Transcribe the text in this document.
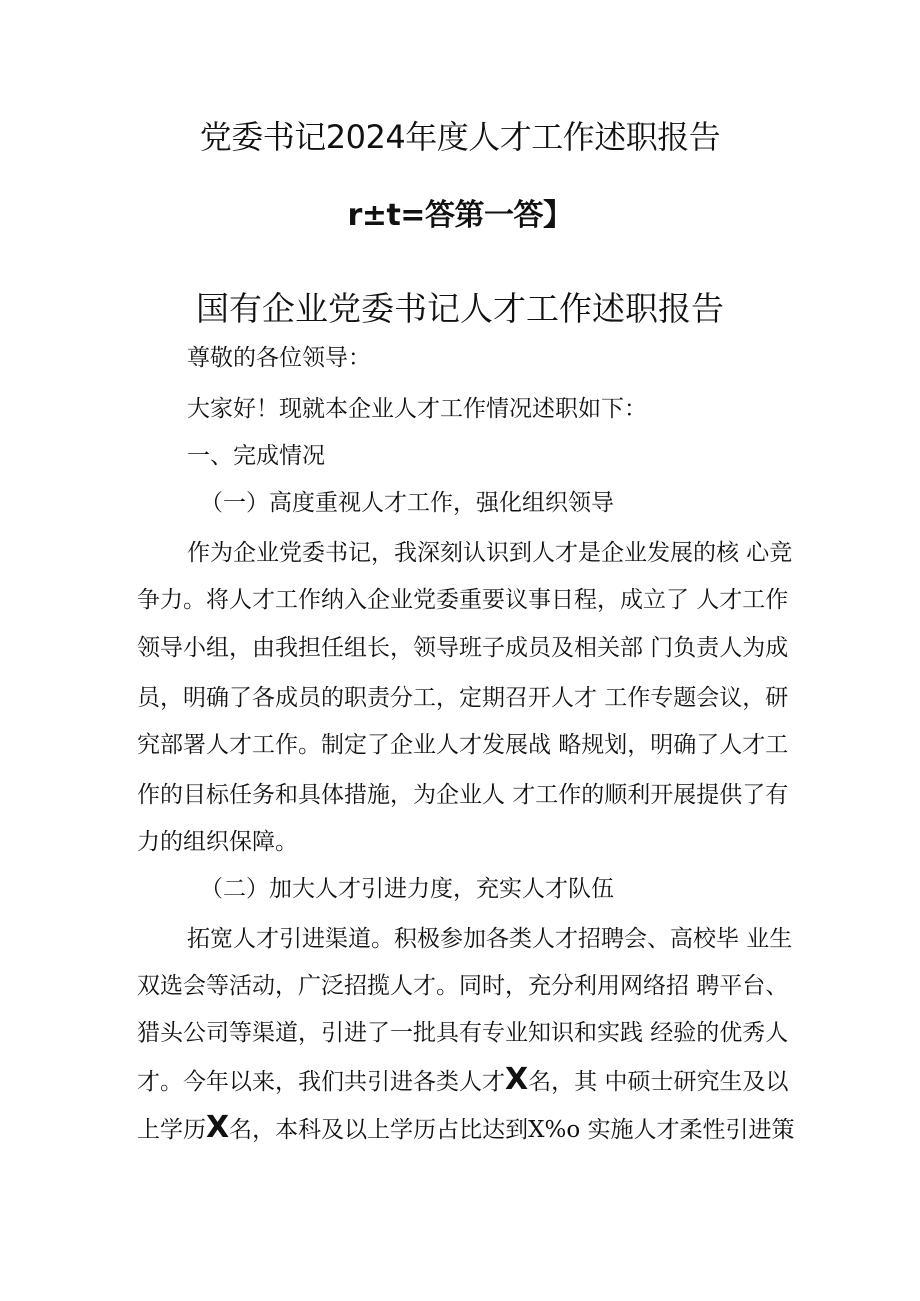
党委书记2024年度人才工作述职报告
r±t=答第一答】
国有企业党委书记人才工作述职报告
尊敬的各位领导：
大家好！现就本企业人才工作情况述职如下：
一、完成情况
（一）高度重视人才工作，强化组织领导
作为企业党委书记，我深刻认识到人才是企业发展的核 心竞
争力。将人才工作纳入企业党委重要议事日程，成立了 人才工作
领导小组，由我担任组长，领导班子成员及相关部 门负责人为成
员，明确了各成员的职责分工，定期召开人才 工作专题会议，研
究部署人才工作。制定了企业人才发展战 略规划，明确了人才工
作的目标任务和具体措施，为企业人 才工作的顺利开展提供了有
力的组织保障。
（二）加大人才引进力度，充实人才队伍
拓宽人才引进渠道。积极参加各类人才招聘会、高校毕 业生
双选会等活动，广泛招揽人才。同时，充分利用网络招 聘平台、
猎头公司等渠道，引进了一批具有专业知识和实践 经验的优秀人
才。今年以来，我们共引进各类人才X名，其 中硕士研究生及以
上学历X名，本科及以上学历占比达到X%o 实施人才柔性引进策
